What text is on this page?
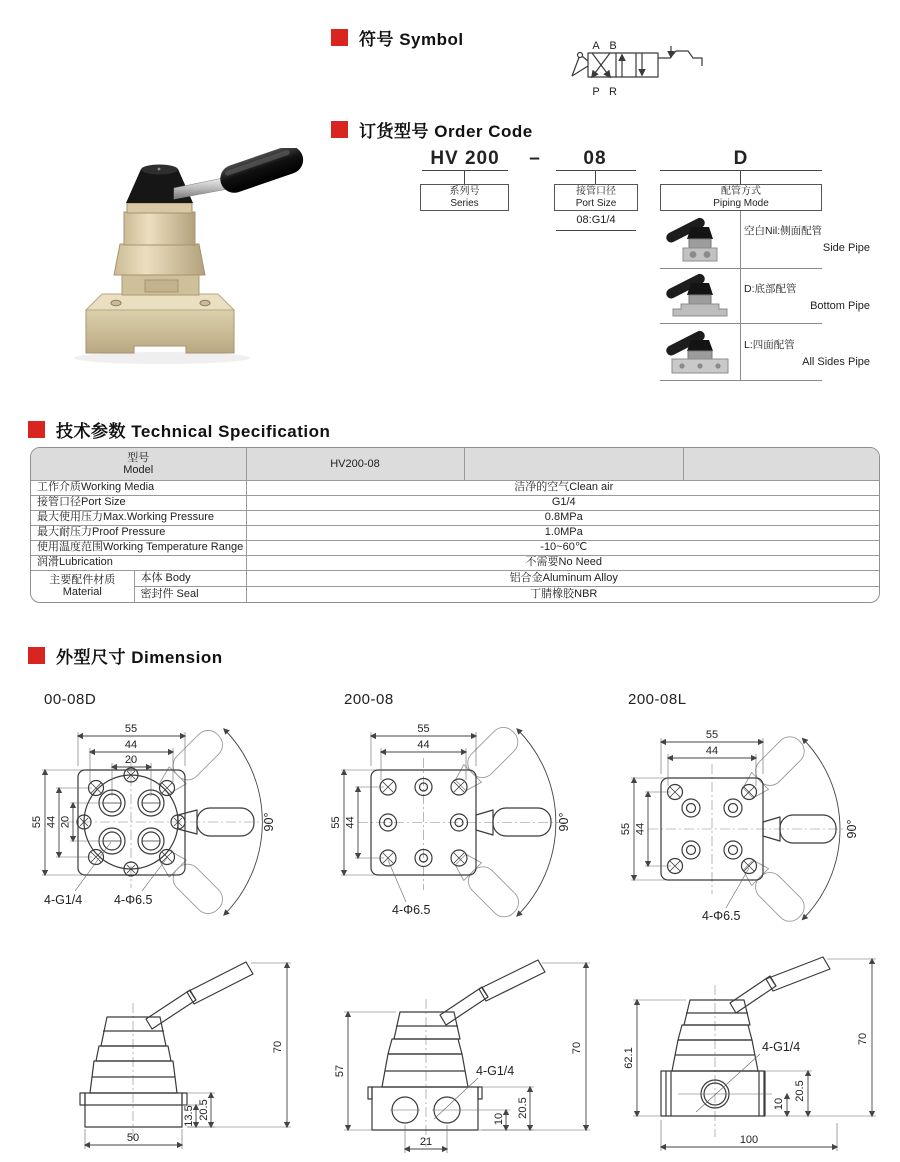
符号 Symbol	A B
P R
订货型号 Order Code
HV 200	–	08	D
系列号
Series
接管口径
Port Size
配管方式
Piping Mode
08:G1/4
空白Nil:侧面配管
Side Pipe
D:底部配管
Bottom Pipe
L:四面配管
All Sides Pipe
技术参数 Technical Specification
型号
Model		HV200-08		
工作介质Working Media		洁净的空气Clean air		
接管口径Port Size		G1/4		
最大使用压力Max.Working Pressure		0.8MPa		
最大耐压力Proof Pressure		1.0MPa		
使用温度范围Working Temperature Range		-10~60℃		
润滑Lubrication		不需要No Need		

主要配件材质
Material	本体 Body	铝合金Aluminum Alloy		
	密封件 Seal	丁腈橡胶NBR		
外型尺寸 Dimension
00-08D	200-08	200-08L
90°
55
44
20
55 44 20
4-G1/4	4-Φ6.5
90°
55
44
55 44
4-Φ6.5
90°
55
44
55 44
4-Φ6.5
70
13.5 20.5
50
57
70
4-G1/4
20.5
10
21
62.1
70
4-G1/4
20.5
10
100
